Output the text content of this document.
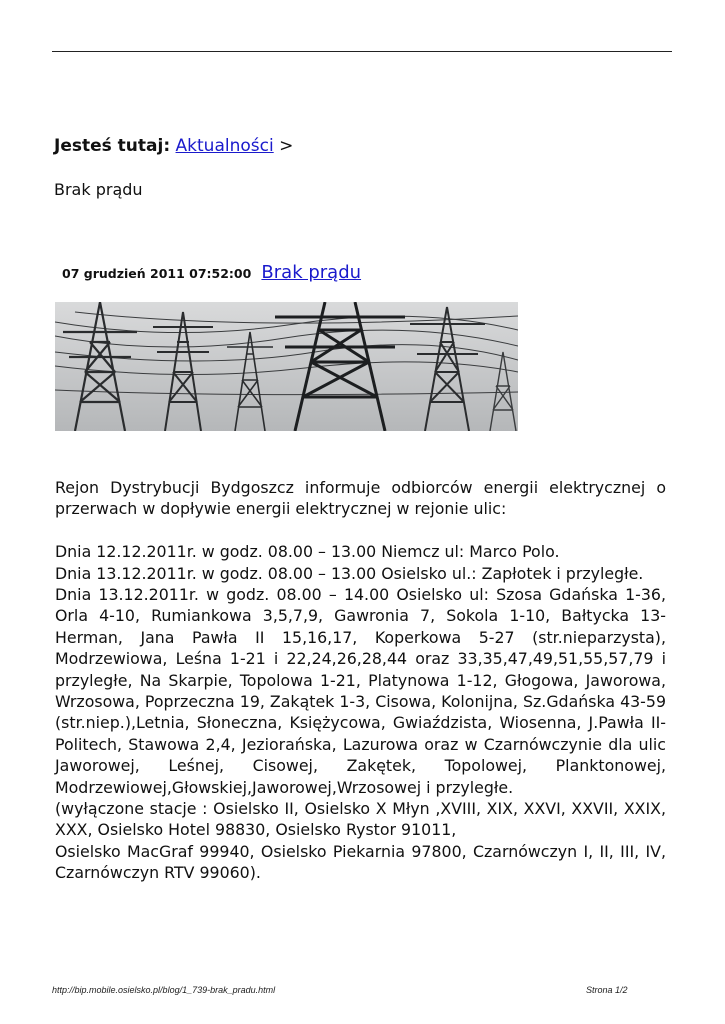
Jesteś tutaj: Aktualności >
Brak prądu
07 grudzień 2011 07:52:00 Brak prądu

Rejon Dystrybucji Bydgoszcz informuje odbiorców energii elektrycznej o przerwach w dopływie energii elektrycznej w rejonie ulic:

Dnia 12.12.2011r. w godz. 08.00 – 13.00 Niemcz ul: Marco Polo.

Dnia 13.12.2011r. w godz. 08.00 – 13.00 Osielsko ul.: Zapłotek i przyległe.

Dnia 13.12.2011r. w godz. 08.00 – 14.00 Osielsko ul: Szosa Gdańska 1-36, Orla 4-10, Rumiankowa 3,5,7,9, Gawronia 7, Sokola 1-10, Bałtycka 13-Herman, Jana Pawła II 15,16,17, Koperkowa 5-27 (str.nieparzysta), Modrzewiowa, Leśna 1-21 i 22,24,26,28,44 oraz 33,35,47,49,51,55,57,79 i przyległe, Na Skarpie, Topolowa 1-21, Platynowa 1-12, Głogowa, Jaworowa, Wrzosowa, Poprzeczna 19, Zakątek 1-3, Cisowa, Kolonijna, Sz.Gdańska 43-59 (str.niep.),Letnia, Słoneczna, Księżycowa, Gwiaździsta, Wiosenna, J.Pawła II-Politech, Stawowa 2,4, Jeziorańska, Lazurowa oraz w Czarnówczynie dla ulic Jaworowej, Leśnej, Cisowej, Zakętek, Topolowej, Planktonowej, Modrzewiowej,Głowskiej,Jaworowej,Wrzosowej i przyległe.

(wyłączone stacje : Osielsko II, Osielsko X Młyn ,XVIII, XIX, XXVI, XXVII, XXIX, XXX, Osielsko Hotel 98830, Osielsko Rystor 91011,

Osielsko MacGraf 99940, Osielsko Piekarnia 97800, Czarnówczyn I, II, III, IV, Czarnówczyn RTV 99060).

http://bip.mobile.osielsko.pl/blog/1_739-brak_pradu.html	Strona 1/2
